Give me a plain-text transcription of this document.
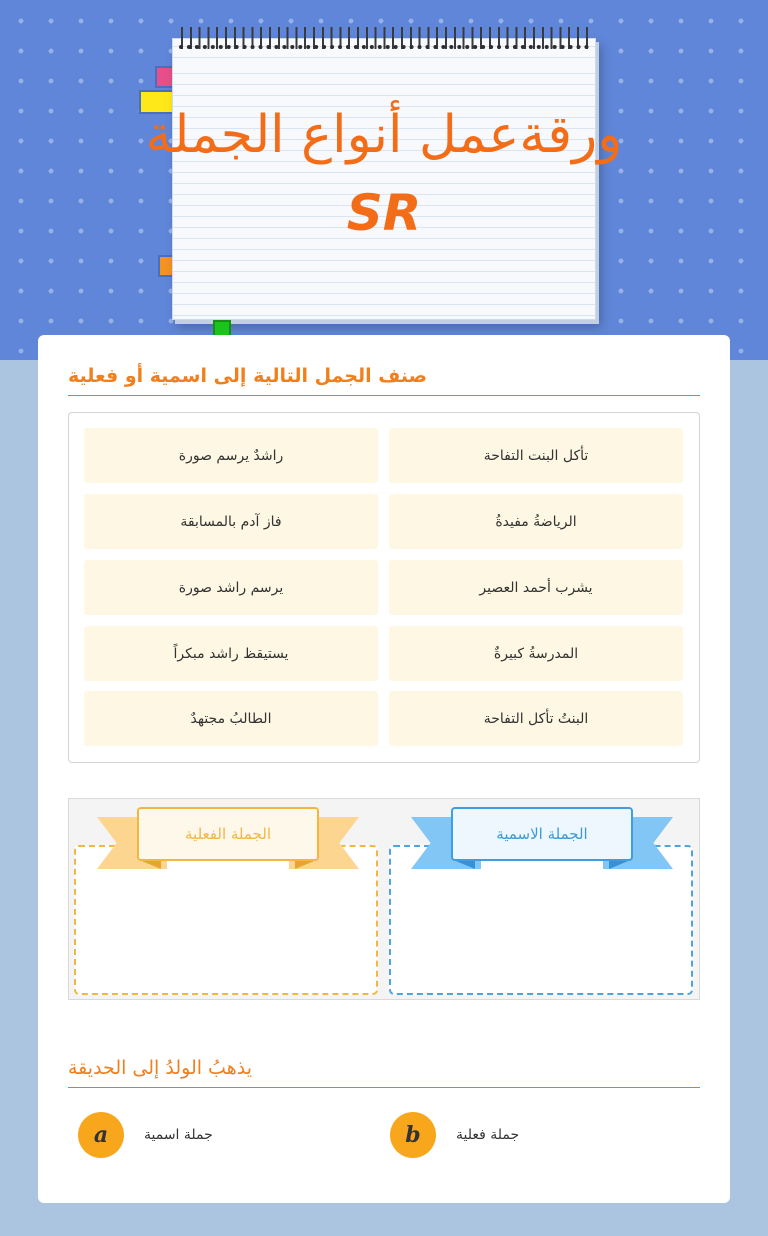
ورقةعمل أنواع الجملة
SR
صنف الجمل التالية إلى اسمية أو فعلية
تأكل البنت التفاحة
راشدٌ يرسم صورة
الرياضةُ مفيدةُ
فاز آدم بالمسابقة
يشرب أحمد العصير
يرسم راشد صورة
المدرسةُ كبيرةٌ
يستيقظ راشد مبكراً
البنتُ تأكل التفاحة
الطالبُ مجتهدٌ
الجملة الاسمية
الجملة الفعلية
يذهبُ الولدُ إلى الحديقة
a	جملة اسمية	b	جملة فعلية
